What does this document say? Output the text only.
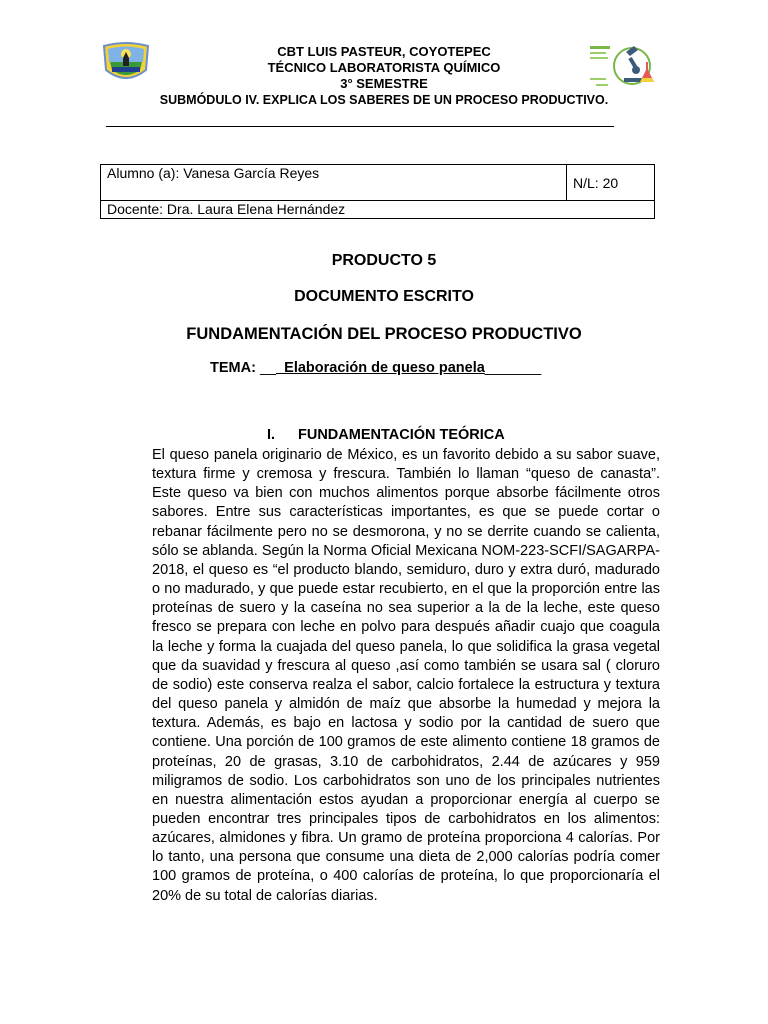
CBT LUIS PASTEUR, COYOTEPEC
TÉCNICO LABORATORISTA QUÍMICO
3° SEMESTRE
SUBMÓDULO IV. EXPLICA LOS SABERES DE UN PROCESO PRODUCTIVO.
Alumno (a): Vanesa García Reyes	N/L: 20
Docente: Dra. Laura Elena Hernández
PRODUCTO 5
DOCUMENTO ESCRITO
FUNDAMENTACIÓN DEL PROCESO PRODUCTIVO
TEMA: ___Elaboración de queso panela_______
I. FUNDAMENTACIÓN TEÓRICA
El queso panela originario de México, es un favorito debido a su sabor suave, textura firme y cremosa y frescura. También lo llaman “queso de canasta”. Este queso va bien con muchos alimentos porque absorbe fácilmente otros sabores. Entre sus características importantes, es que se puede cortar o rebanar fácilmente pero no se desmorona, y no se derrite cuando se calienta, sólo se ablanda. Según la Norma Oficial Mexicana NOM-223-SCFI/SAGARPA-2018, el queso es “el producto blando, semiduro, duro y extra duró, madurado o no madurado, y que puede estar recubierto, en el que la proporción entre las proteínas de suero y la caseína no sea superior a la de la leche, este queso fresco se prepara con leche en polvo para después añadir cuajo que coagula la leche y forma la cuajada del queso panela, lo que solidifica la grasa vegetal que da suavidad y frescura al queso ,así como también se usara sal ( cloruro de sodio) este conserva realza el sabor, calcio fortalece la estructura y textura del queso panela y almidón de maíz que absorbe la humedad y mejora la textura. Además, es bajo en lactosa y sodio por la cantidad de suero que contiene. Una porción de 100 gramos de este alimento contiene 18 gramos de proteínas, 20 de grasas, 3.10 de carbohidratos, 2.44 de azúcares y 959 miligramos de sodio. Los carbohidratos son uno de los principales nutrientes en nuestra alimentación estos ayudan a proporcionar energía al cuerpo se pueden encontrar tres principales tipos de carbohidratos en los alimentos: azúcares, almidones y fibra. Un gramo de proteína proporciona 4 calorías. Por lo tanto, una persona que consume una dieta de 2,000 calorías podría comer 100 gramos de proteína, o 400 calorías de proteína, lo que proporcionaría el 20% de su total de calorías diarias.
